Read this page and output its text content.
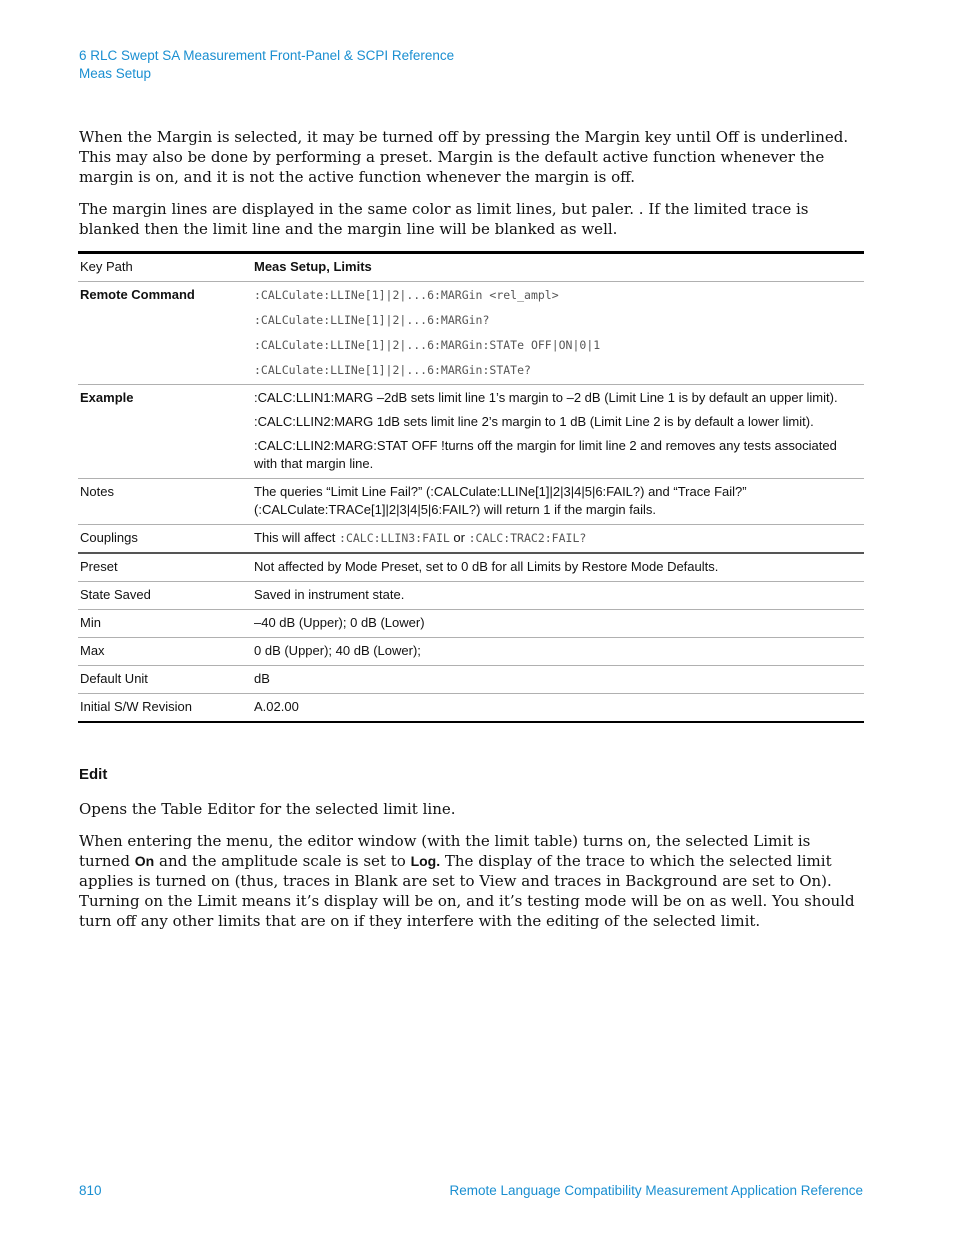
6 RLC Swept SA Measurement Front-Panel & SCPI Reference
Meas Setup

When the Margin is selected, it may be turned off by pressing the Margin key until Off is underlined. This may also be done by performing a preset. Margin is the default active function whenever the margin is on, and it is not the active function whenever the margin is off.

The margin lines are displayed in the same color as limit lines, but paler. . If the limited trace is blanked then the limit line and the margin line will be blanked as well.

Key Path	Meas Setup, Limits
Remote Command	:CALCulate:LLINe[1]|2|...6:MARGin <rel_ampl>
:CALCulate:LLINe[1]|2|...6:MARGin?
:CALCulate:LLINe[1]|2|...6:MARGin:STATe OFF|ON|0|1
:CALCulate:LLINe[1]|2|...6:MARGin:STATe?

Example	:CALC:LLIN1:MARG –2dB sets limit line 1’s margin to –2 dB (Limit Line 1 is by default an upper limit).
:CALC:LLIN2:MARG 1dB sets limit line 2’s margin to 1 dB (Limit Line 2 is by default a lower limit).
:CALC:LLIN2:MARG:STAT OFF !turns off the margin for limit line 2 and removes any tests associated with that margin line.

Notes	The queries “Limit Line Fail?” (:CALCulate:LLINe[1]|2|3|4|5|6:FAIL?) and “Trace Fail?” (:CALCulate:TRACe[1]|2|3|4|5|6:FAIL?) will return 1 if the margin fails.
Couplings	This will affect :CALC:LLIN3:FAIL or :CALC:TRAC2:FAIL?
Preset	Not affected by Mode Preset, set to 0 dB for all Limits by Restore Mode Defaults.
State Saved	Saved in instrument state.
Min	–40 dB (Upper); 0 dB (Lower)
Max	0 dB (Upper); 40 dB (Lower);
Default Unit	dB
Initial S/W Revision	A.02.00
Edit

Opens the Table Editor for the selected limit line.

When entering the menu, the editor window (with the limit table) turns on, the selected Limit is turned On and the amplitude scale is set to Log. The display of the trace to which the selected limit applies is turned on (thus, traces in Blank are set to View and traces in Background are set to On). Turning on the Limit means it’s display will be on, and it’s testing mode will be on as well. You should turn off any other limits that are on if they interfere with the editing of the selected limit.

810	Remote Language Compatibility Measurement Application Reference
